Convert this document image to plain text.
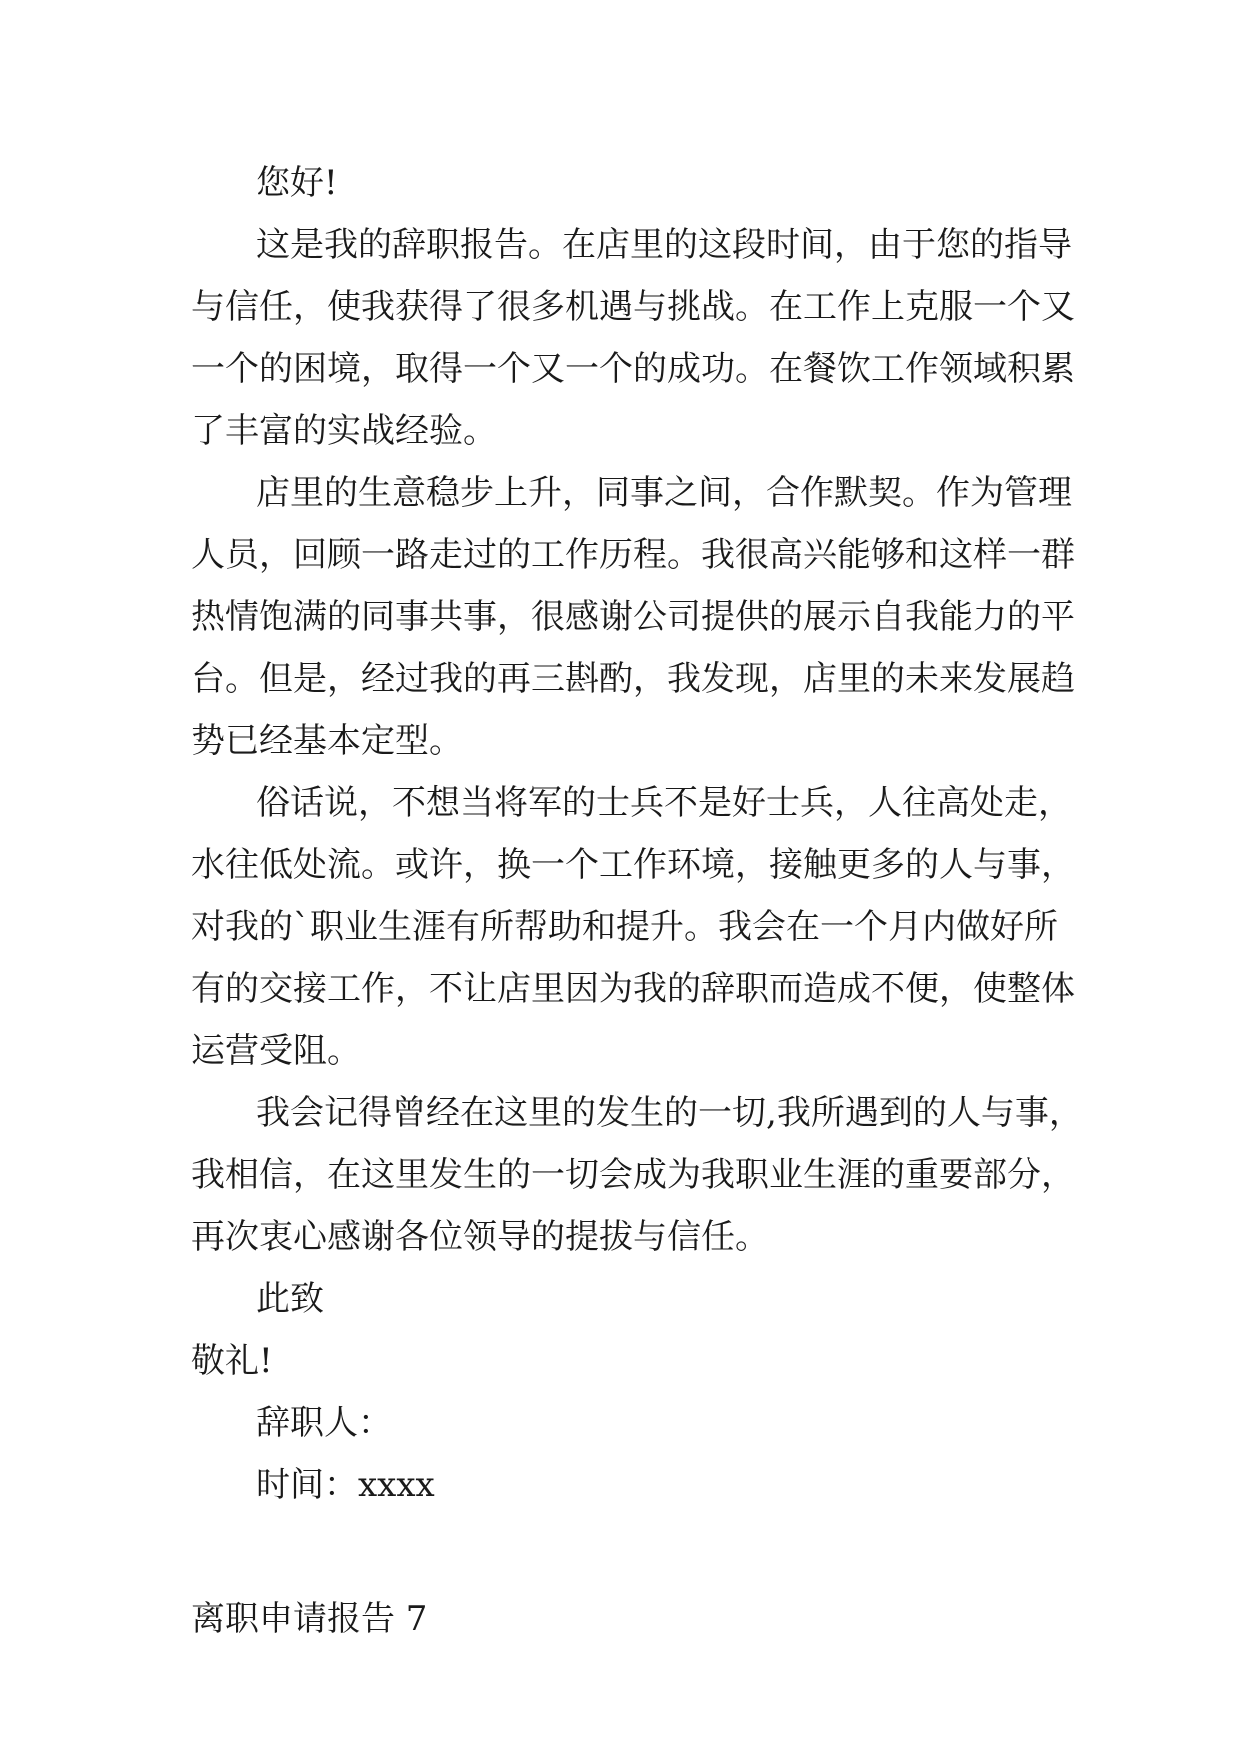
您好!
这 是 我 的 辞 职 报 告 。 在 店 里 的 这 段 时 间 ， 由 于 您 的 指 导
与 信 任 ， 使 我 获 得 了 很 多 机 遇 与 挑 战 。 在 工 作 上 克 服 一 个 又
一 个 的 困 境 ， 取 得 一 个 又 一 个 的 成 功 。 在 餐 饮 工 作 领 域 积 累
了丰富的实战经验。
店 里 的 生 意 稳 步 上 升 ， 同 事 之 间 ， 合 作 默 契 。 作 为 管 理
人 员 ， 回 顾 一 路 走 过 的 工 作 历 程 。 我 很 高 兴 能 够 和 这 样 一 群
热 情 饱 满 的 同 事 共 事 ， 很 感 谢 公 司 提 供 的 展 示 自 我 能 力 的 平
台 。 但 是 ， 经 过 我 的 再 三 斟 酌 ， 我 发 现 ， 店 里 的 未 来 发 展 趋
势已经基本定型。
俗 话 说 ， 不 想 当 将 军 的 士 兵 不 是 好 士 兵 ， 人 往 高 处 走 ，
水 往 低 处 流 。 或 许 ， 换 一 个 工 作 环 境 ， 接 触 更 多 的 人 与 事 ，
对 我 的 ` 职 业 生 涯 有 所 帮 助 和 提 升 。 我 会 在 一 个 月 内 做 好 所
有 的 交 接 工 作 ， 不 让 店 里 因 为 我 的 辞 职 而 造 成 不 便 ， 使 整 体
运营受阻。
我 会 记 得 曾 经 在 这 里 的 发 生 的 一 切 , 我 所 遇 到 的 人 与 事 ，
我 相 信 ， 在 这 里 发 生 的 一 切 会 成 为 我 职 业 生 涯 的 重 要 部 分 ，
再次衷心感谢各位领导的提拔与信任。
此致
敬礼!
辞职人：
时间：xxxx
离职申请报告 7
